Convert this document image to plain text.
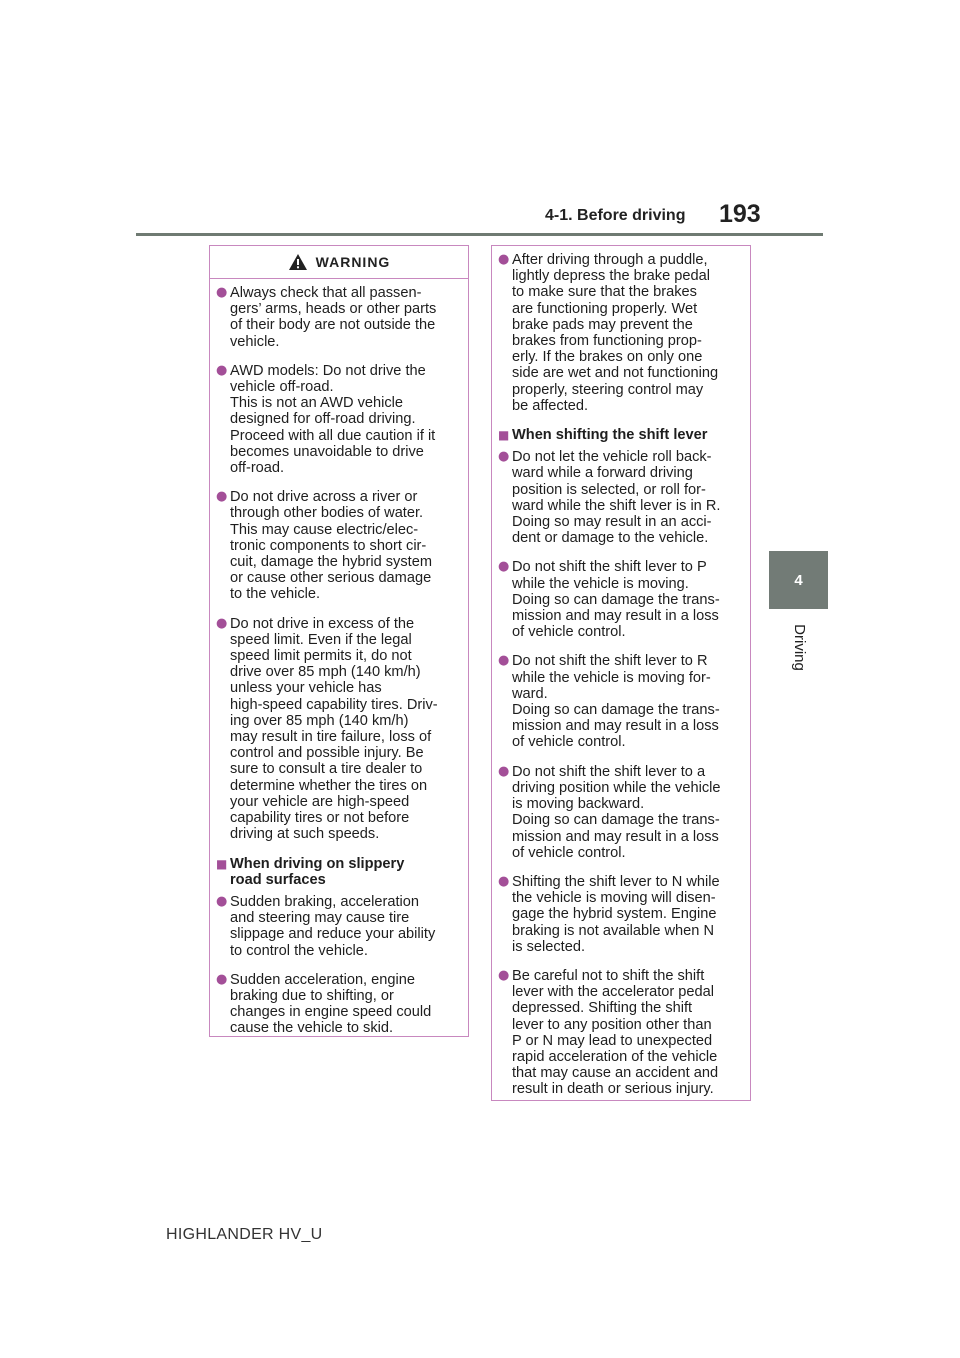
4-1. Before driving 193
4
Driving
WARNING
● Always check that all passen-
gers’ arms, heads or other parts
of their body are not outside the
vehicle.
● AWD models: Do not drive the
vehicle off-road.
This is not an AWD vehicle
designed for off-road driving.
Proceed with all due caution if it
becomes unavoidable to drive
off-road.
● Do not drive across a river or
through other bodies of water.
This may cause electric/elec-
tronic components to short cir-
cuit, damage the hybrid system
or cause other serious damage
to the vehicle.
● Do not drive in excess of the
speed limit. Even if the legal
speed limit permits it, do not
drive over 85 mph (140 km/h)
unless your vehicle has
high-speed capability tires. Driv-
ing over 85 mph (140 km/h)
may result in tire failure, loss of
control and possible injury. Be
sure to consult a tire dealer to
determine whether the tires on
your vehicle are high-speed
capability tires or not before
driving at such speeds.
■ When driving on slippery
road surfaces
● Sudden braking, acceleration
and steering may cause tire
slippage and reduce your ability
to control the vehicle.
● Sudden acceleration, engine
braking due to shifting, or
changes in engine speed could
cause the vehicle to skid.
● After driving through a puddle,
lightly depress the brake pedal
to make sure that the brakes
are functioning properly. Wet
brake pads may prevent the
brakes from functioning prop-
erly. If the brakes on only one
side are wet and not functioning
properly, steering control may
be affected.
■ When shifting the shift lever
● Do not let the vehicle roll back-
ward while a forward driving
position is selected, or roll for-
ward while the shift lever is in R.
Doing so may result in an acci-
dent or damage to the vehicle.
● Do not shift the shift lever to P
while the vehicle is moving.
Doing so can damage the trans-
mission and may result in a loss
of vehicle control.
● Do not shift the shift lever to R
while the vehicle is moving for-
ward.
Doing so can damage the trans-
mission and may result in a loss
of vehicle control.
● Do not shift the shift lever to a
driving position while the vehicle
is moving backward.
Doing so can damage the trans-
mission and may result in a loss
of vehicle control.
● Shifting the shift lever to N while
the vehicle is moving will disen-
gage the hybrid system. Engine
braking is not available when N
is selected.
● Be careful not to shift the shift
lever with the accelerator pedal
depressed. Shifting the shift
lever to any position other than
P or N may lead to unexpected
rapid acceleration of the vehicle
that may cause an accident and
result in death or serious injury.
HIGHLANDER HV_U
